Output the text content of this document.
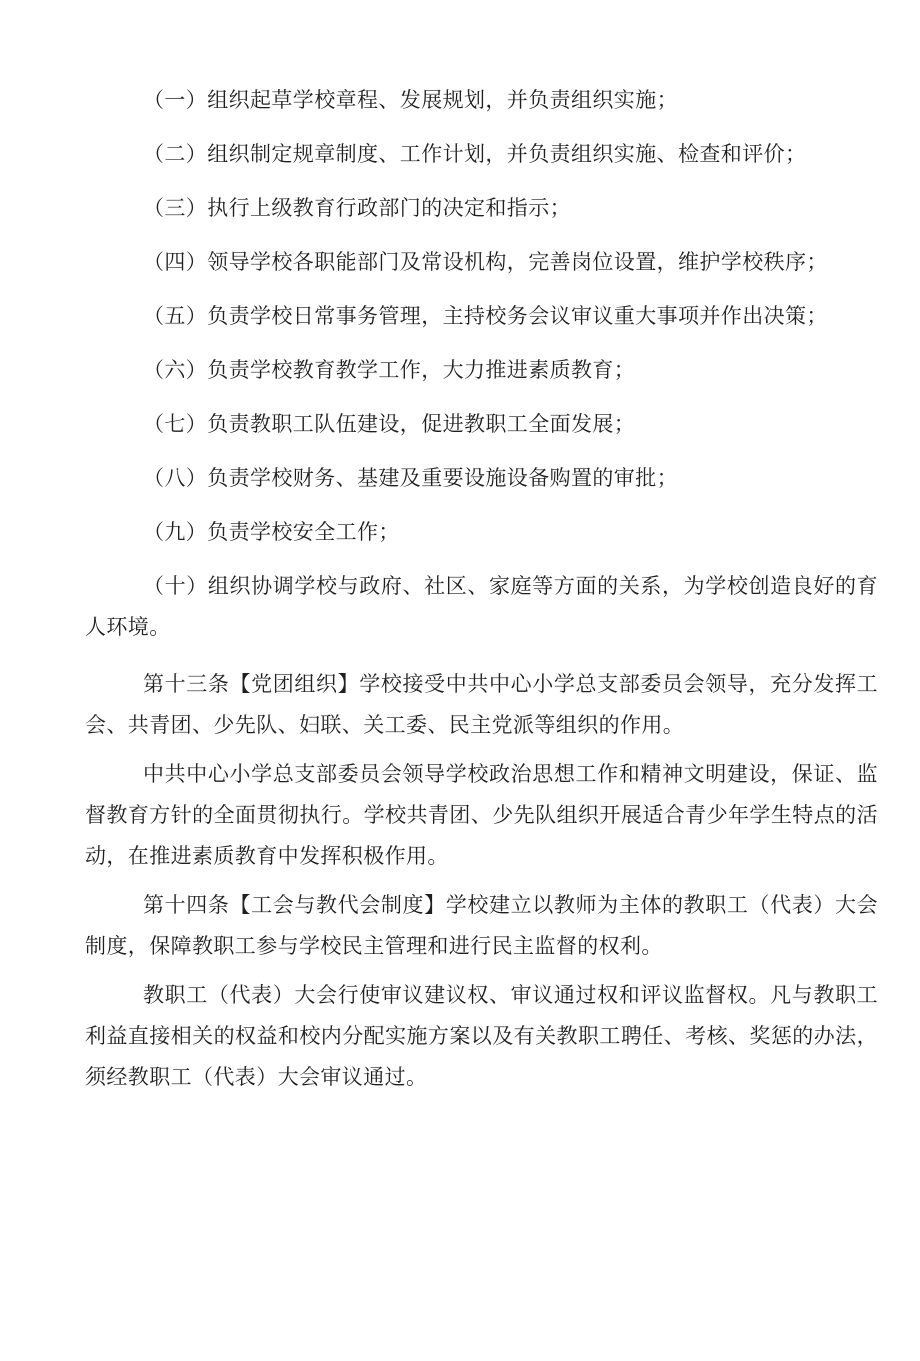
（一）组织起草学校章程、发展规划，并负责组织实施；

（二）组织制定规章制度、工作计划，并负责组织实施、检查和评价；

（三）执行上级教育行政部门的决定和指示；

（四）领导学校各职能部门及常设机构，完善岗位设置，维护学校秩序；

（五）负责学校日常事务管理，主持校务会议审议重大事项并作出决策；

（六）负责学校教育教学工作，大力推进素质教育；

（七）负责教职工队伍建设，促进教职工全面发展；

（八）负责学校财务、基建及重要设施设备购置的审批；

（九）负责学校安全工作；

（十）组织协调学校与政府、社区、家庭等方面的关系，为学校创造良好的育人环境。

第十三条【党团组织】学校接受中共中心小学总支部委员会领导，充分发挥工会、共青团、少先队、妇联、关工委、民主党派等组织的作用。

中共中心小学总支部委员会领导学校政治思想工作和精神文明建设，保证、监督教育方针的全面贯彻执行。学校共青团、少先队组织开展适合青少年学生特点的活动，在推进素质教育中发挥积极作用。

第十四条【工会与教代会制度】学校建立以教师为主体的教职工（代表）大会制度，保障教职工参与学校民主管理和进行民主监督的权利。

教职工（代表）大会行使审议建议权、审议通过权和评议监督权。凡与教职工利益直接相关的权益和校内分配实施方案以及有关教职工聘任、考核、奖惩的办法，须经教职工（代表）大会审议通过。
